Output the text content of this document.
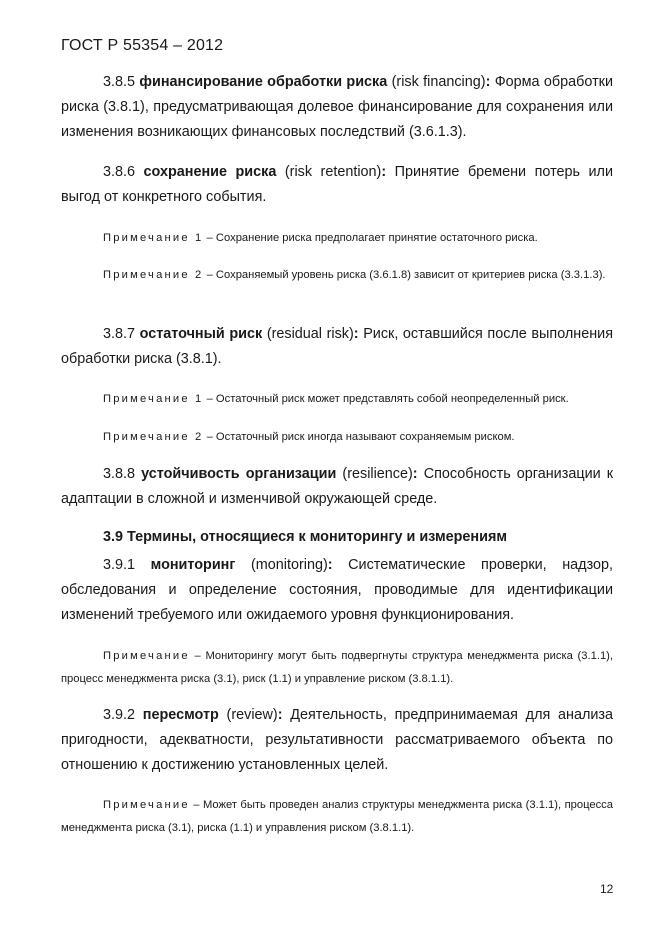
ГОСТ Р 55354 – 2012

3.8.5 финансирование обработки риска (risk financing): Форма обработки риска (3.8.1), предусматривающая долевое финансирование для сохранения или изменения возникающих финансовых последствий (3.6.1.3).

3.8.6 сохранение риска (risk retention): Принятие бремени потерь или выгод от конкретного события.

Примечание 1 – Сохранение риска предполагает принятие остаточного риска.

Примечание 2 – Сохраняемый уровень риска (3.6.1.8) зависит от критериев риска (3.3.1.3).

3.8.7 остаточный риск (residual risk): Риск, оставшийся после выполнения обработки риска (3.8.1).

Примечание 1 – Остаточный риск может представлять собой неопределенный риск.

Примечание 2 – Остаточный риск иногда называют сохраняемым риском.

3.8.8 устойчивость организации (resilience): Способность организации к адаптации в сложной и изменчивой окружающей среде.

3.9 Термины, относящиеся к мониторингу и измерениям

3.9.1 мониторинг (monitoring): Систематические проверки, надзор, обследования и определение состояния, проводимые для идентификации изменений требуемого или ожидаемого уровня функционирования.

Примечание – Мониторингу могут быть подвергнуты структура менеджмента риска (3.1.1), процесс менеджмента риска (3.1), риск (1.1) и управление риском (3.8.1.1).

3.9.2 пересмотр (review): Деятельность, предпринимаемая для анализа пригодности, адекватности, результативности рассматриваемого объекта по отношению к достижению установленных целей.

Примечание – Может быть проведен анализ структуры менеджмента риска (3.1.1), процесса менеджмента риска (3.1), риска (1.1) и управления риском (3.8.1.1).

12
